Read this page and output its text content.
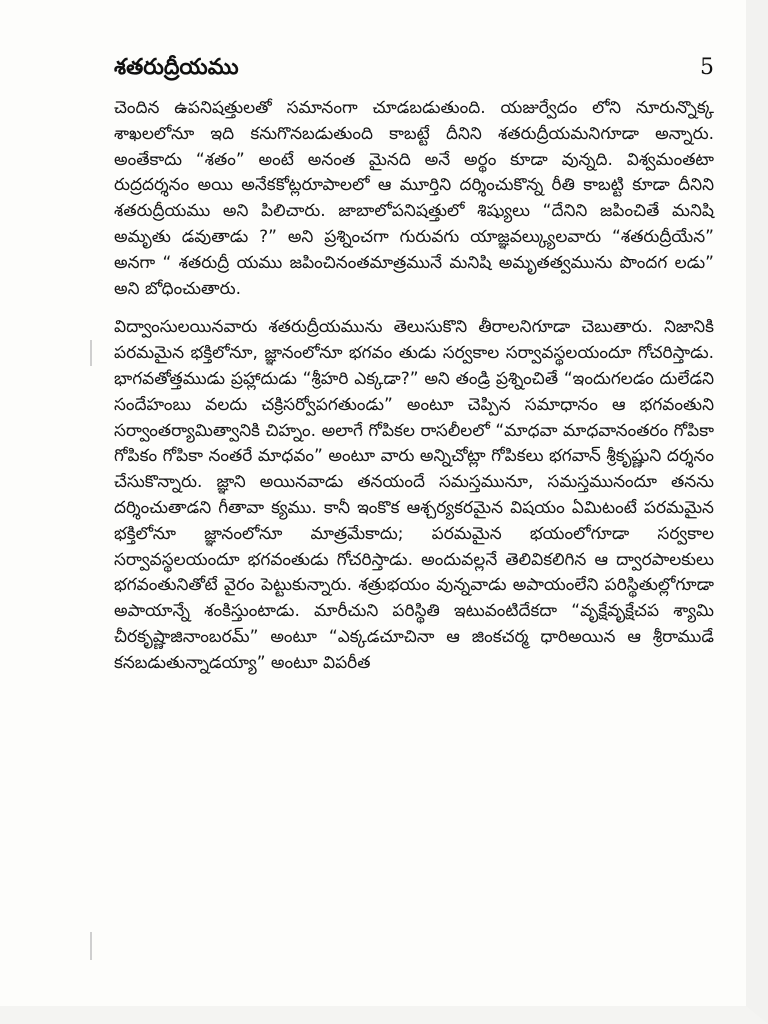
శతరుద్రీయము	5

చెందిన ఉపనిషత్తులతో సమానంగా చూడబడుతుంది. యజుర్వేదం లోని నూరున్నొక్క శాఖలలోనూ ఇది కనుగొనబడుతుంది కాబట్టే దీనిని శతరుద్రీయమనిగూడా అన్నారు. అంతేకాదు “శతం” అంటే అనంత మైనది అనే అర్థం కూడా వున్నది. విశ్వమంతటా రుద్రదర్శనం అయి అనేకకోట్లరూపాలలో ఆ మూర్తిని దర్శించుకొన్న రీతి కాబట్టి కూడా దీనిని శతరుద్రీయము అని పిలిచారు. జాబాలోపనిషత్తులో శిష్యులు “దేనిని జపించితే మనిషి అమృతు డవుతాడు ?” అని ప్రశ్నించగా గురువగు యాజ్ఞవల్క్యులవారు “శతరుద్రీయేన” అనగా “ శతరుద్రీ యము జపించినంతమాత్రమునే మనిషి అమృతత్వమును పొందగ లడు” అని బోధించుతారు.

విద్వాంసులయినవారు శతరుద్రీయమును తెలుసుకొని తీరాలనిగూడా చెబుతారు. నిజానికి పరమమైన భక్తిలోనూ, జ్ఞానంలోనూ భగవం తుడు సర్వకాల సర్వావస్థలయందూ గోచరిస్తాడు. భాగవతోత్తముడు ప్రహ్లాదుడు “శ్రీహరి ఎక్కడా?” అని తండ్రి ప్రశ్నించితే “ఇందుగలడం దులేడని సందేహంబు వలదు చక్రిసర్వోపగతుండు” అంటూ చెప్పిన సమాధానం ఆ భగవంతుని సర్వాంతర్యామిత్వానికి చిహ్నం. అలాగే గోపికల రాసలీలలో “మాధవా మాధవానంతరం గోపికా గోపికం గోపికా నంతరే మాధవం” అంటూ వారు అన్నిచోట్లా గోపికలు భగవాన్ శ్రీకృష్ణుని దర్శనం చేసుకొన్నారు. జ్ఞాని అయినవాడు తనయందే సమస్తమునూ, సమస్తమునందూ తనను దర్శించుతాడని గీతావా క్యము. కానీ ఇంకొక ఆశ్చర్యకరమైన విషయం ఏమిటంటే పరమమైన భక్తిలోనూ జ్ఞానంలోనూ మాత్రమేకాదు; పరమమైన భయంలోగూడా సర్వకాల సర్వావస్థలయందూ భగవంతుడు గోచరిస్తాడు. అందువల్లనే తెలివికలిగిన ఆ ద్వారపాలకులు భగవంతునితోటే వైరం పెట్టుకున్నారు. శత్రుభయం వున్నవాడు అపాయంలేని పరిస్థితుల్లోగూడా అపాయాన్నే శంకిస్తుంటాడు. మారీచుని పరిస్థితి ఇటువంటిదేకదా “వృక్షేవృక్షేచప శ్యామి చీరకృష్ణాజినాంబరమ్” అంటూ “ఎక్కడచూచినా ఆ జింకచర్మ ధారిఅయిన ఆ శ్రీరాముడే కనబడుతున్నాడయ్యా” అంటూ విపరీత
